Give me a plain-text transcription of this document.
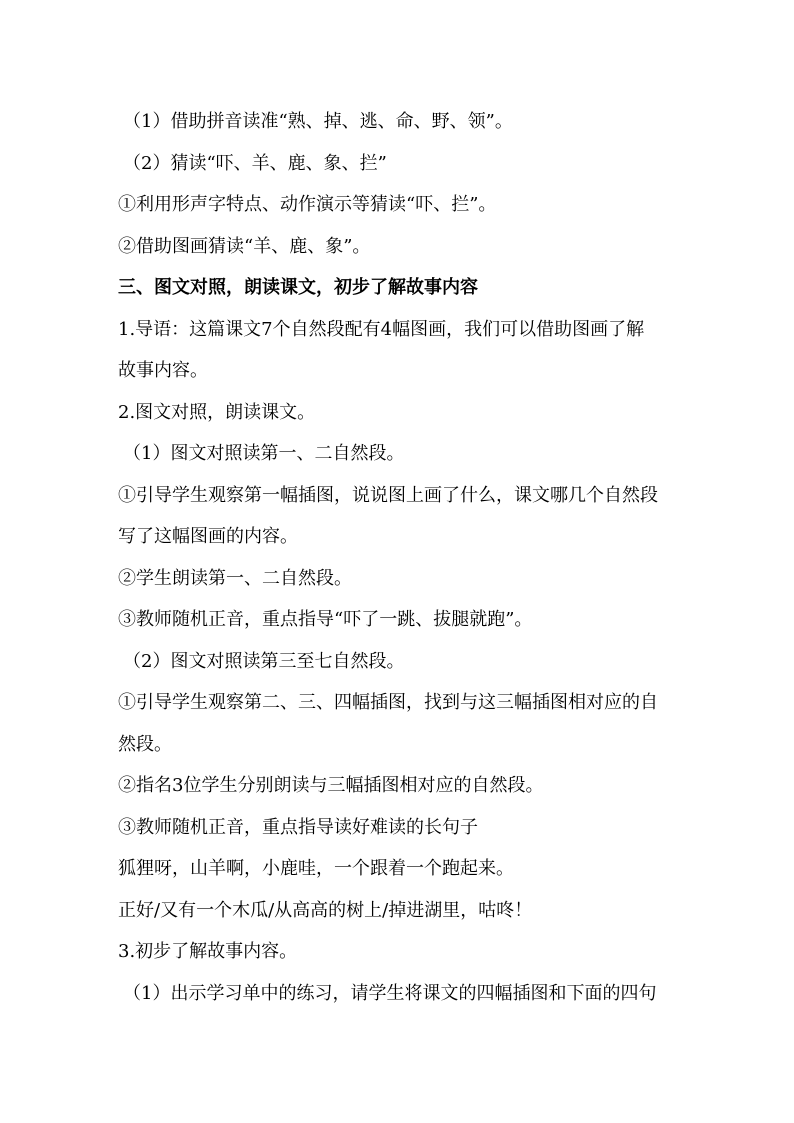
（1）借助拼音读准“熟、掉、逃、命、野、领”。

（2）猜读“吓、羊、鹿、象、拦”

①利用形声字特点、动作演示等猜读“吓、拦”。

②借助图画猜读“羊、鹿、象”。

三、图文对照，朗读课文，初步了解故事内容

1.导语：这篇课文7个自然段配有4幅图画，我们可以借助图画了解

故事内容。

2.图文对照，朗读课文。

（1）图文对照读第一、二自然段。

①引导学生观察第一幅插图，说说图上画了什么，课文哪几个自然段

写了这幅图画的内容。

②学生朗读第一、二自然段。

③教师随机正音，重点指导“吓了一跳、拔腿就跑”。

（2）图文对照读第三至七自然段。

①引导学生观察第二、三、四幅插图，找到与这三幅插图相对应的自

然段。

②指名3位学生分别朗读与三幅插图相对应的自然段。

③教师随机正音，重点指导读好难读的长句子

狐狸呀，山羊啊，小鹿哇，一个跟着一个跑起来。

正好/又有一个木瓜/从高高的树上/掉进湖里，咕咚！

3.初步了解故事内容。

（1）出示学习单中的练习，请学生将课文的四幅插图和下面的四句
